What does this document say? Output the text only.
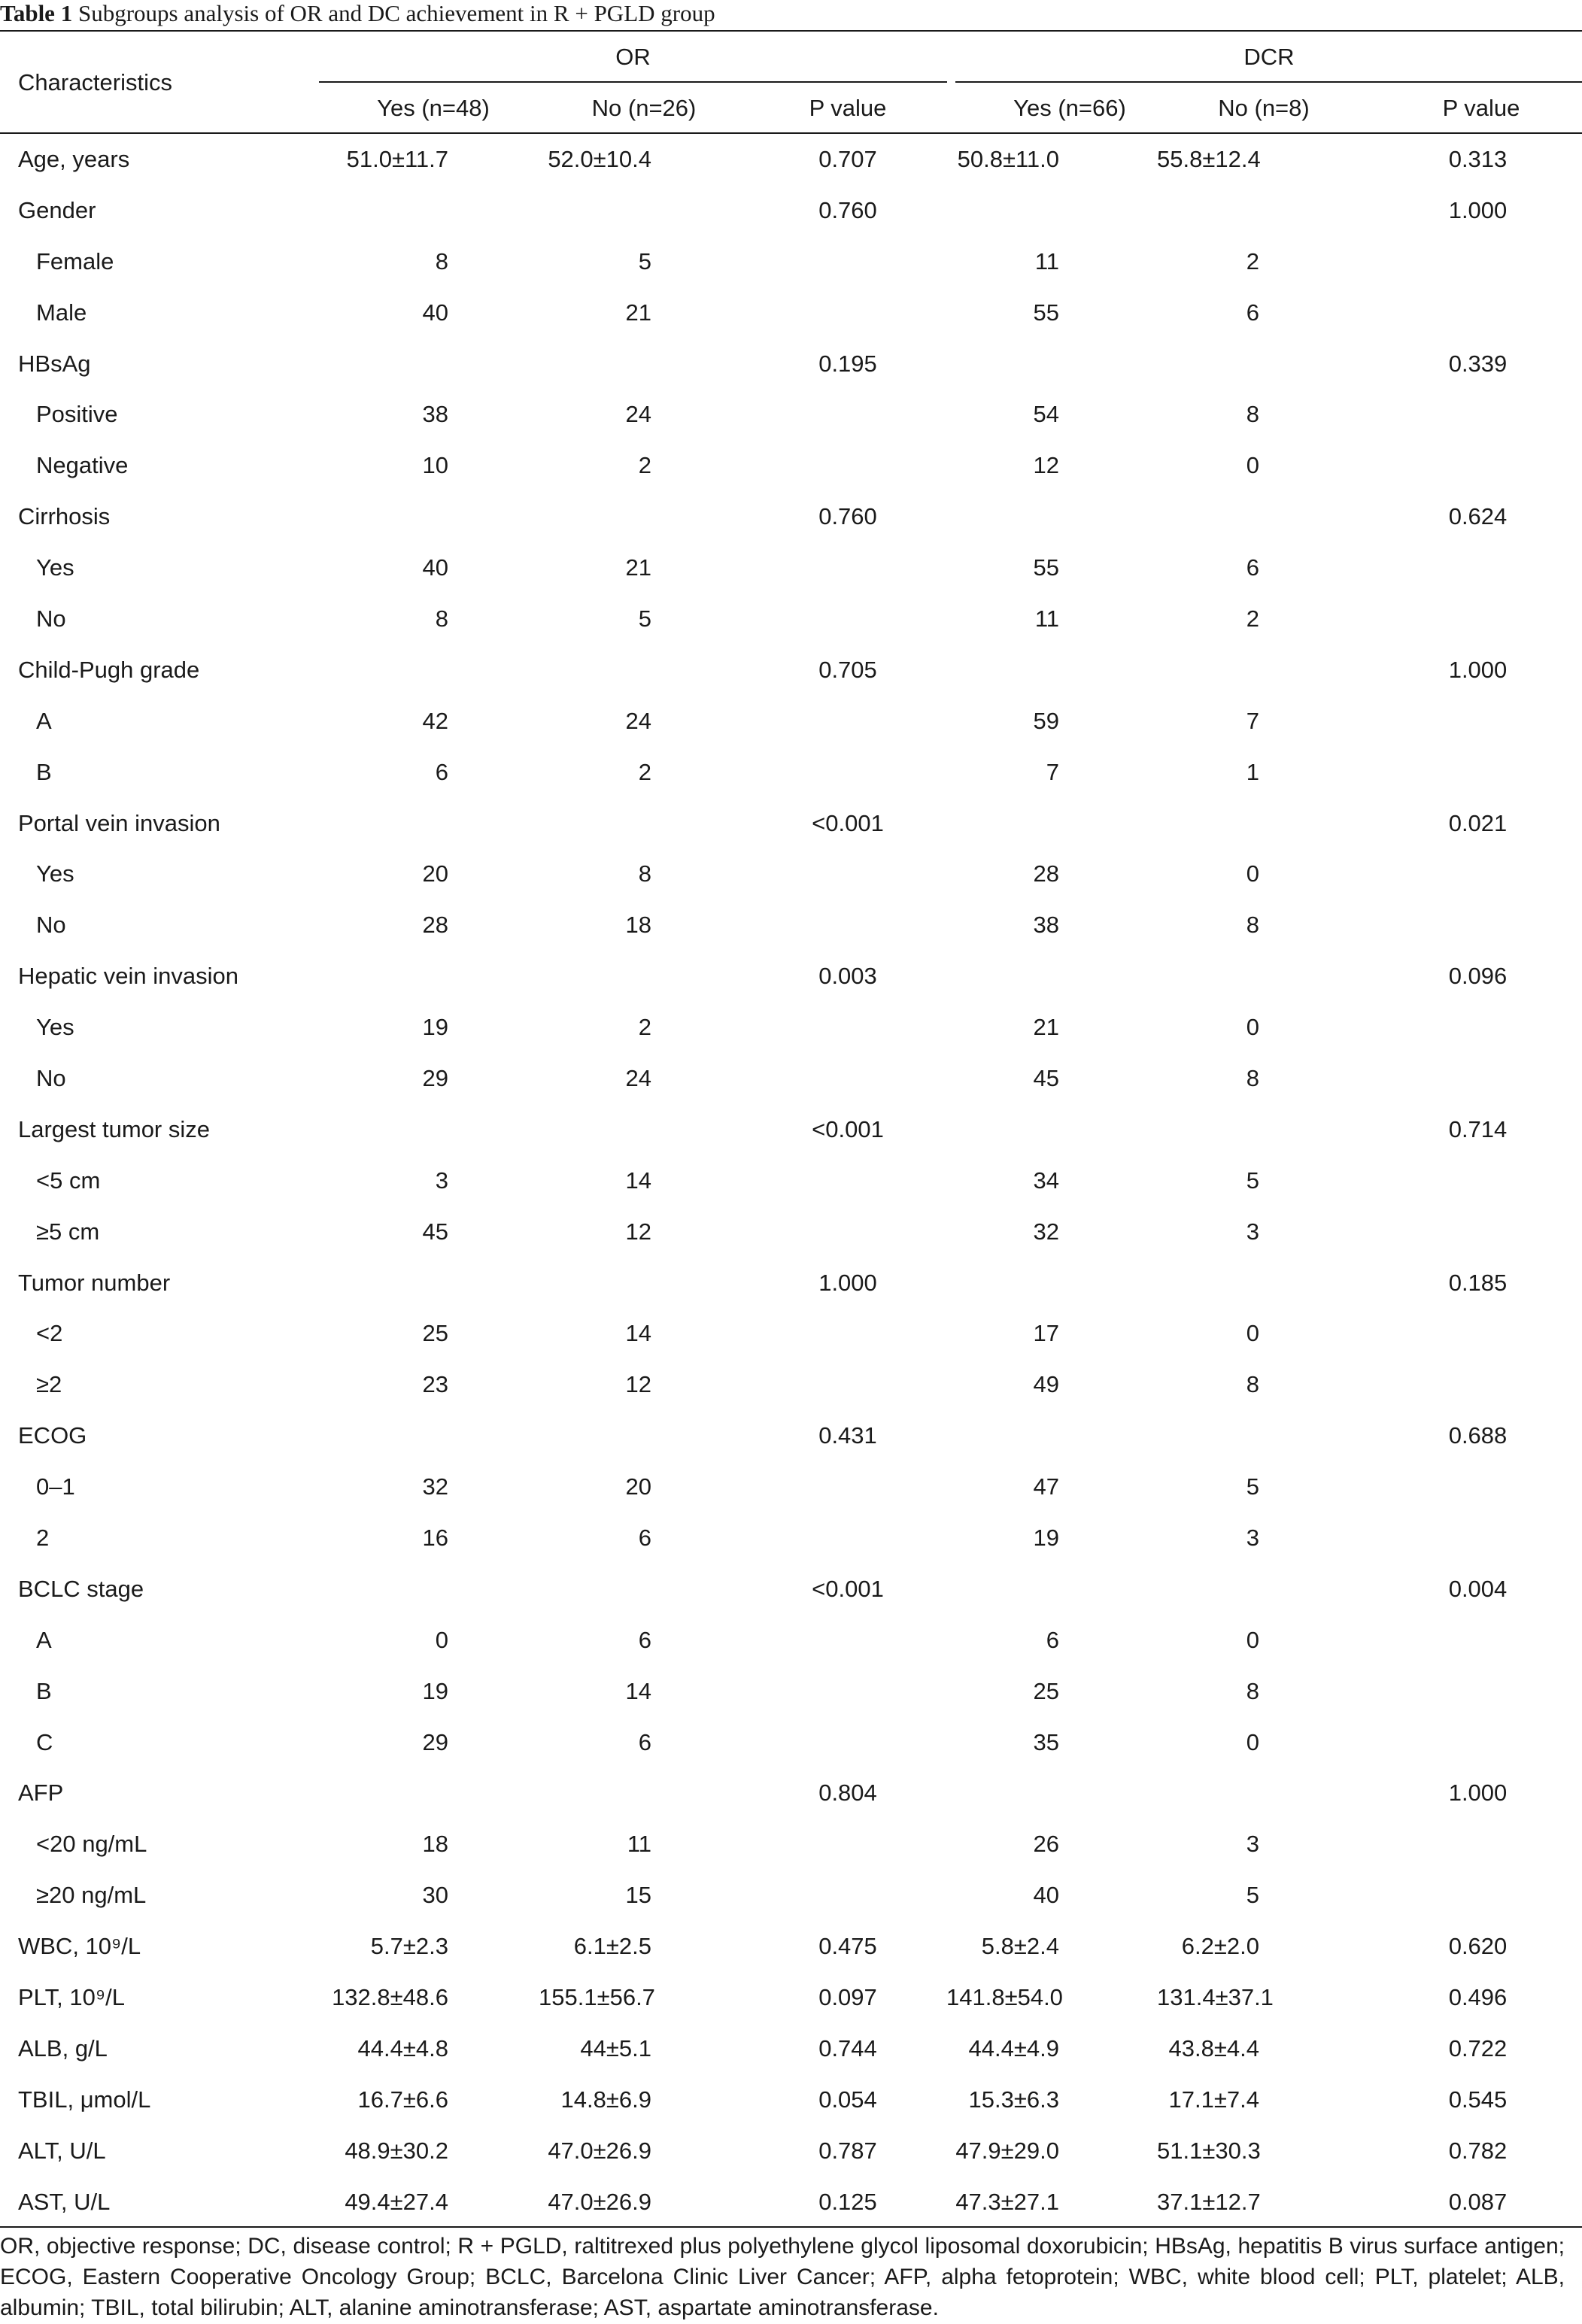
Table 1 Subgroups analysis of OR and DC achievement in R + PGLD group
Characteristics
OR	DCR
Yes (n=48)	No (n=26)	P value	Yes (n=66)	No (n=8)	P value
Age, years	51.0±11.7	52.0±10.4	0.707	50.8±11.0	55.8±12.4	0.313
Gender			0.760			1.000
Female	8	5		11	2	
Male	40	21		55	6	
HBsAg			0.195			0.339
Positive	38	24		54	8	
Negative	10	2		12	0	
Cirrhosis			0.760			0.624
Yes	40	21		55	6	
No	8	5		11	2	
Child-Pugh grade			0.705			1.000
A	42	24		59	7	
B	6	2		7	1	
Portal vein invasion			<0.001			0.021
Yes	20	8		28	0	
No	28	18		38	8	
Hepatic vein invasion			0.003			0.096
Yes	19	2		21	0	
No	29	24		45	8	
Largest tumor size			<0.001			0.714
<5 cm	3	14		34	5	
≥5 cm	45	12		32	3	
Tumor number			1.000			0.185
<2	25	14		17	0	
≥2	23	12		49	8	
ECOG			0.431			0.688
0–1	32	20		47	5	
2	16	6		19	3	
BCLC stage			<0.001			0.004
A	0	6		6	0	
B	19	14		25	8	
C	29	6		35	0	
AFP			0.804			1.000
<20 ng/mL	18	11		26	3	
≥20 ng/mL	30	15		40	5	
WBC, 10⁹/L	5.7±2.3	6.1±2.5	0.475	5.8±2.4	6.2±2.0	0.620
PLT, 10⁹/L	132.8±48.6	155.1±56.7	0.097	141.8±54.0	131.4±37.1	0.496
ALB, g/L	44.4±4.8	44±5.1	0.744	44.4±4.9	43.8±4.4	0.722
TBIL, μmol/L	16.7±6.6	14.8±6.9	0.054	15.3±6.3	17.1±7.4	0.545
ALT, U/L	48.9±30.2	47.0±26.9	0.787	47.9±29.0	51.1±30.3	0.782
AST, U/L	49.4±27.4	47.0±26.9	0.125	47.3±27.1	37.1±12.7	0.087
OR, objective response; DC, disease control; R + PGLD, raltitrexed plus polyethylene glycol liposomal doxorubicin; HBsAg, hepatitis B virus surface antigen; ECOG, Eastern Cooperative Oncology Group; BCLC, Barcelona Clinic Liver Cancer; AFP, alpha fetoprotein; WBC, white blood cell; PLT, platelet; ALB, albumin; TBIL, total bilirubin; ALT, alanine aminotransferase; AST, aspartate aminotransferase.
